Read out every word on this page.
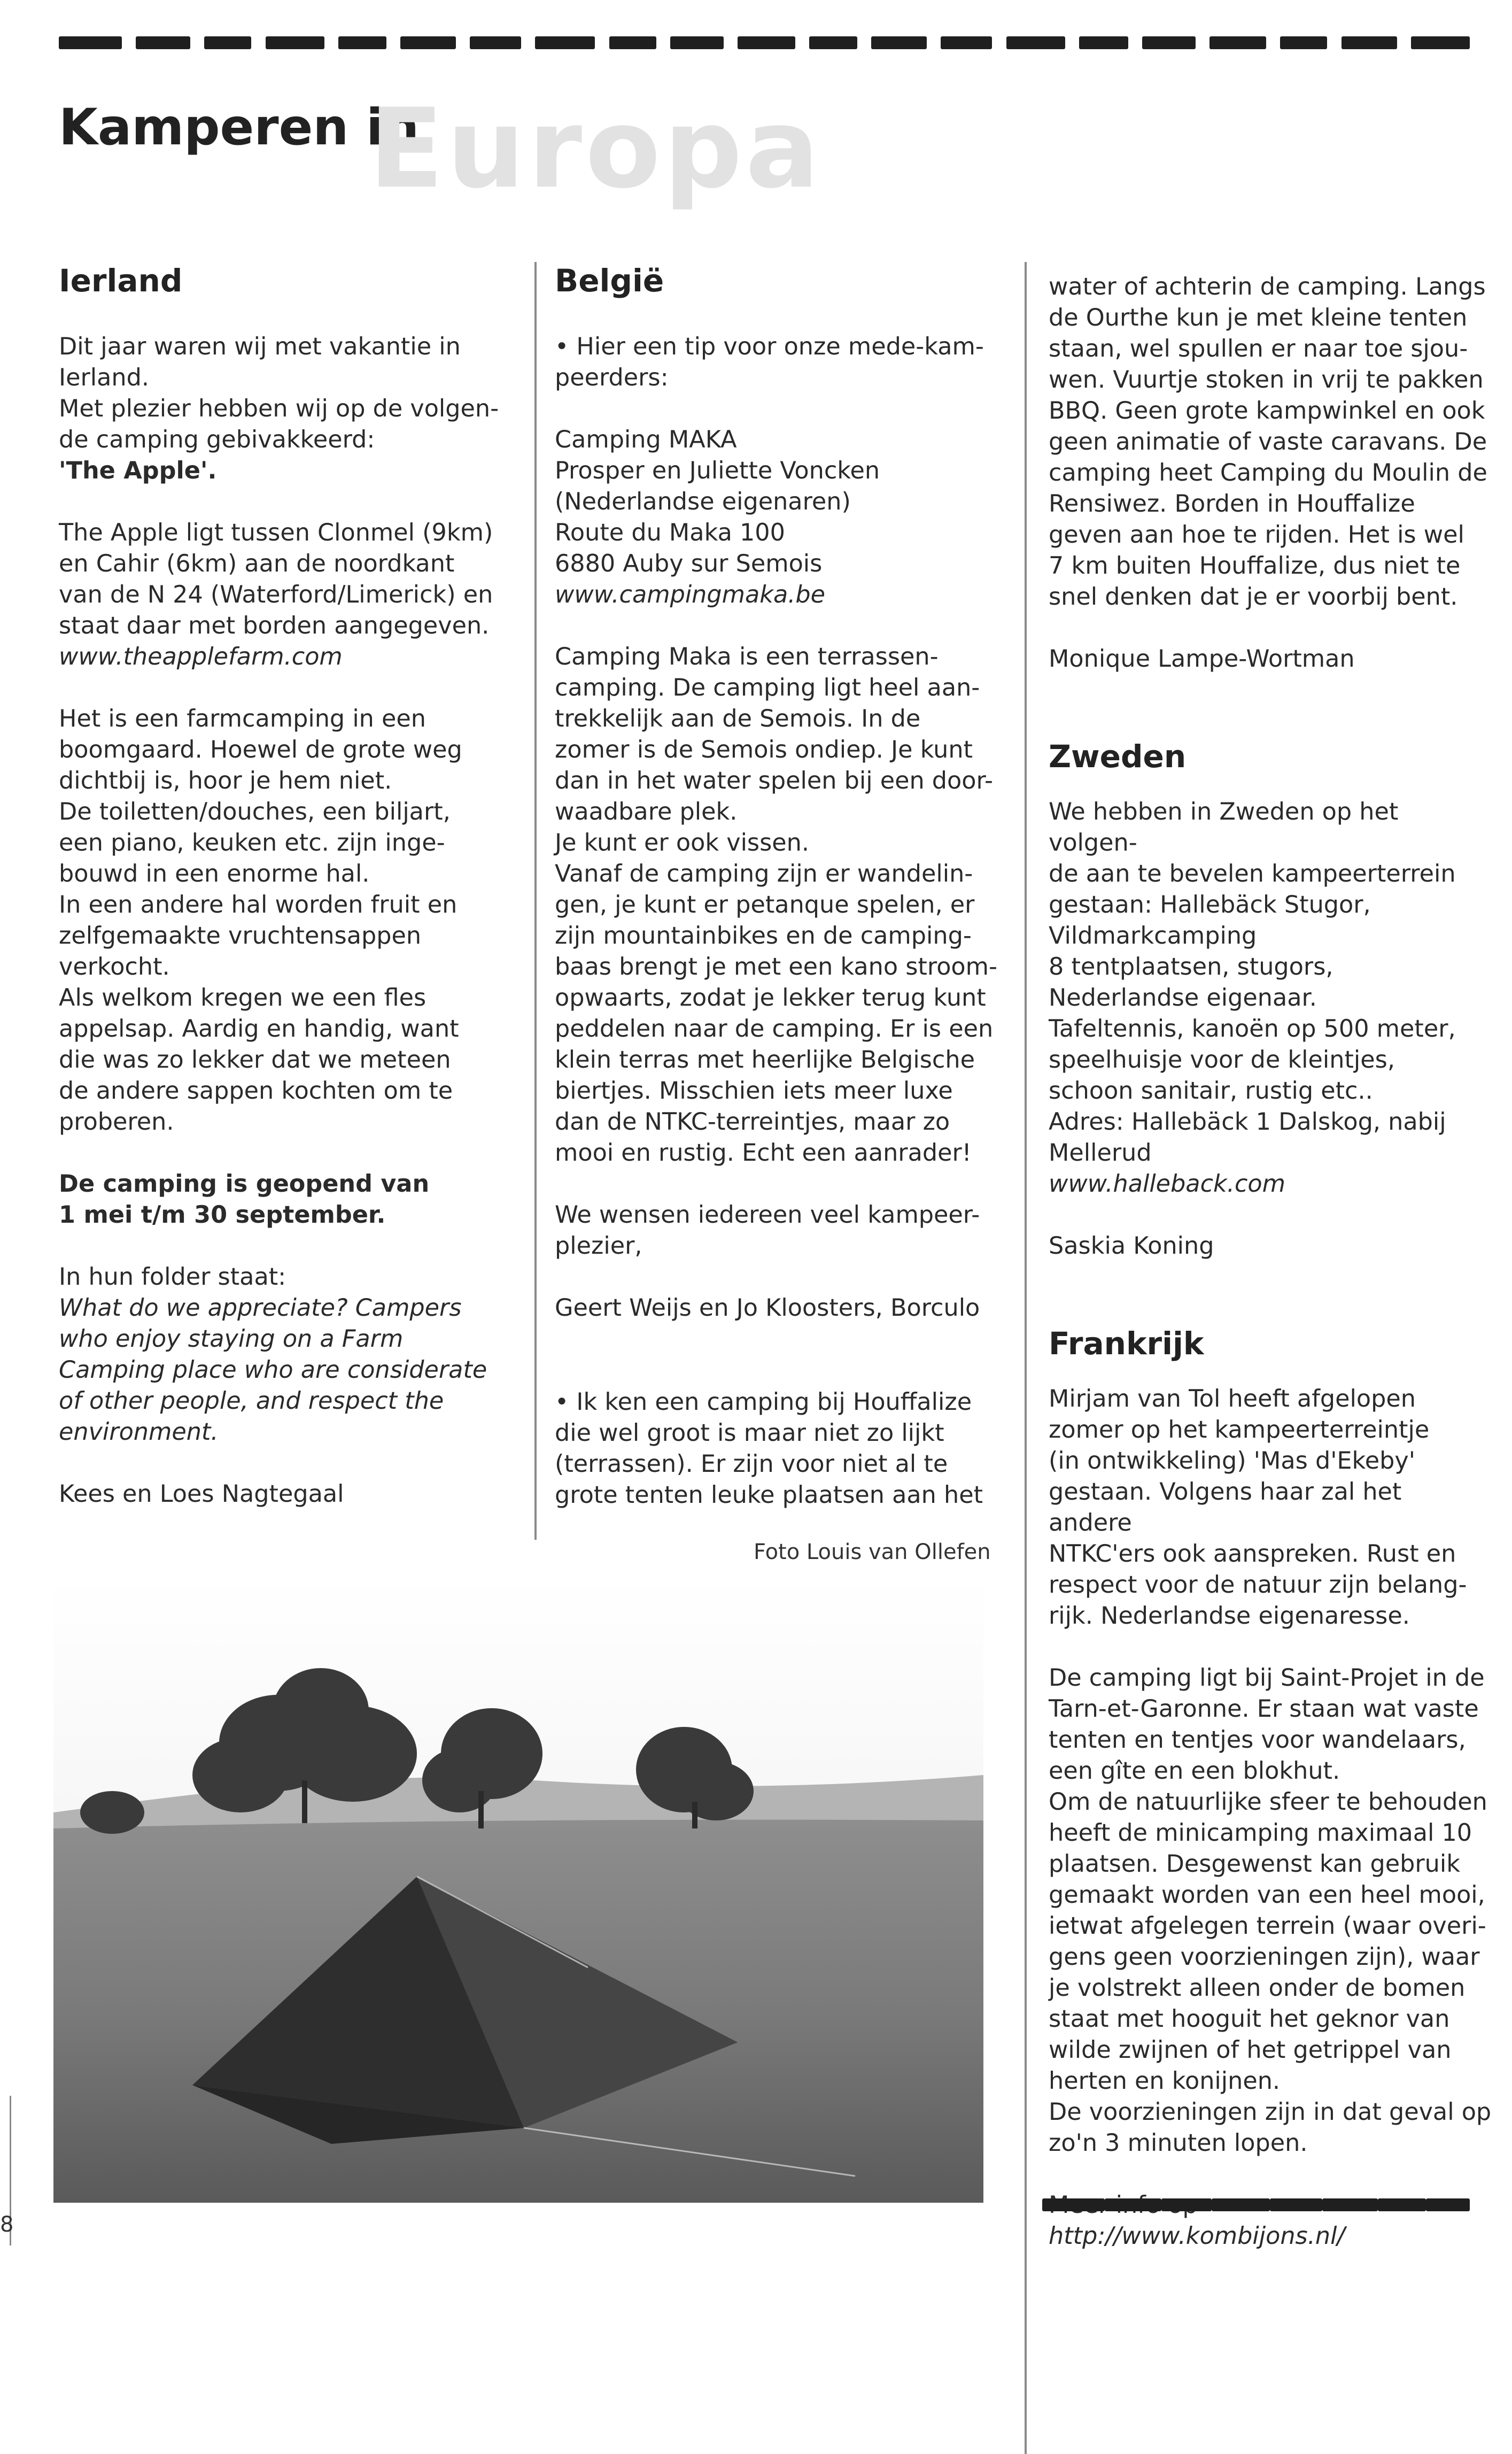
Kamperen in
Europa
Ierland

Dit jaar waren wij met vakantie in
Ierland.
Met plezier hebben wij op de volgen-
de camping gebivakkeerd:
'The Apple'.

The Apple ligt tussen Clonmel (9km)
en Cahir (6km) aan de noordkant
van de N 24 (Waterford/Limerick) en
staat daar met borden aangegeven.
www.theapplefarm.com

Het is een farmcamping in een
boomgaard. Hoewel de grote weg
dichtbij is, hoor je hem niet.
De toiletten/douches, een biljart,
een piano, keuken etc. zijn inge-
bouwd in een enorme hal.
In een andere hal worden fruit en
zelfgemaakte vruchtensappen
verkocht.
Als welkom kregen we een fles
appelsap. Aardig en handig, want
die was zo lekker dat we meteen
de andere sappen kochten om te
proberen.

De camping is geopend van
1 mei t/m 30 september.

In hun folder staat:
What do we appreciate? Campers
who enjoy staying on a Farm
Camping place who are considerate
of other people, and respect the
environment.

Kees en Loes Nagtegaal

België

• Hier een tip voor onze mede-kam-
peerders:

Camping MAKA
Prosper en Juliette Voncken
(Nederlandse eigenaren)
Route du Maka 100
6880 Auby sur Semois
www.campingmaka.be

Camping Maka is een terrassen-
camping. De camping ligt heel aan-
trekkelijk aan de Semois. In de
zomer is de Semois ondiep. Je kunt
dan in het water spelen bij een door-
waadbare plek.
Je kunt er ook vissen.
Vanaf de camping zijn er wandelin-
gen, je kunt er petanque spelen, er
zijn mountainbikes en de camping-
baas brengt je met een kano stroom-
opwaarts, zodat je lekker terug kunt
peddelen naar de camping. Er is een
klein terras met heerlijke Belgische
biertjes. Misschien iets meer luxe
dan de NTKC-terreintjes, maar zo
mooi en rustig. Echt een aanrader!

We wensen iedereen veel kampeer-
plezier,

Geert Weijs en Jo Kloosters, Borculo

• Ik ken een camping bij Houffalize
die wel groot is maar niet zo lijkt
(terrassen). Er zijn voor niet al te
grote tenten leuke plaatsen aan het

water of achterin de camping. Langs
de Ourthe kun je met kleine tenten
staan, wel spullen er naar toe sjou-
wen. Vuurtje stoken in vrij te pakken
BBQ. Geen grote kampwinkel en ook
geen animatie of vaste caravans. De
camping heet Camping du Moulin de
Rensiwez. Borden in Houffalize
geven aan hoe te rijden. Het is wel
7 km buiten Houffalize, dus niet te
snel denken dat je er voorbij bent.

Monique Lampe-Wortman

Zweden

We hebben in Zweden op het volgen-
de aan te bevelen kampeerterrein
gestaan: Hallebäck Stugor,
Vildmarkcamping
8 tentplaatsen, stugors,
Nederlandse eigenaar.
Tafeltennis, kanoën op 500 meter,
speelhuisje voor de kleintjes,
schoon sanitair, rustig etc..
Adres: Hallebäck 1 Dalskog, nabij
Mellerud
www.halleback.com

Saskia Koning

Frankrijk

Mirjam van Tol heeft afgelopen
zomer op het kampeerterreintje
(in ontwikkeling) 'Mas d'Ekeby'
gestaan. Volgens haar zal het andere
NTKC'ers ook aanspreken. Rust en
respect voor de natuur zijn belang-
rijk. Nederlandse eigenaresse.

De camping ligt bij Saint-Projet in de
Tarn-et-Garonne. Er staan wat vaste
tenten en tentjes voor wandelaars,
een gîte en een blokhut.
Om de natuurlijke sfeer te behouden
heeft de minicamping maximaal 10
plaatsen. Desgewenst kan gebruik
gemaakt worden van een heel mooi,
ietwat afgelegen terrein (waar overi-
gens geen voorzieningen zijn), waar
je volstrekt alleen onder de bomen
staat met hooguit het geknor van
wilde zwijnen of het getrippel van
herten en konijnen.
De voorzieningen zijn in dat geval op
zo'n 3 minuten lopen.

http://www.kombijons.nl/

Foto Louis van Ollefen
8
